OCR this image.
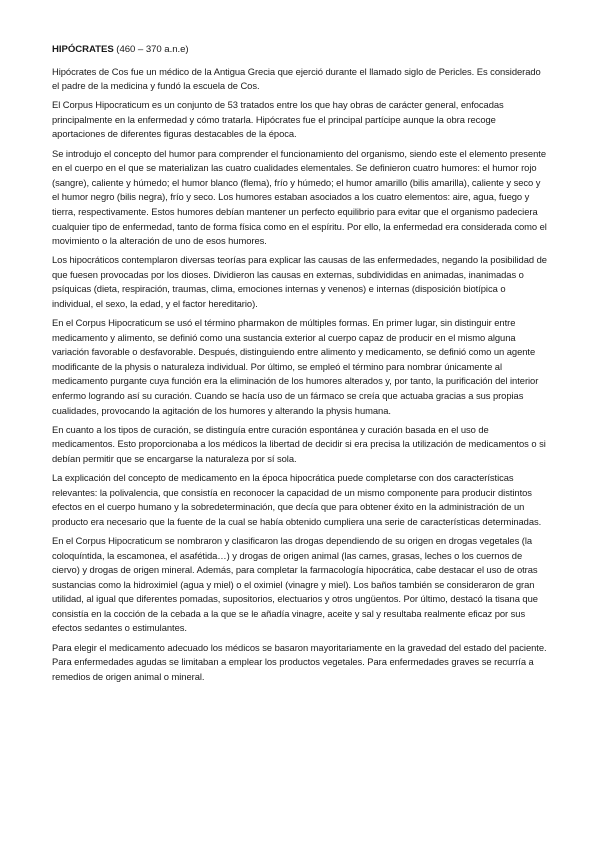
HIPÓCRATES (460 – 370 a.n.e)

Hipócrates de Cos fue un médico de la Antigua Grecia que ejerció durante el llamado siglo de Pericles. Es considerado el padre de la medicina y fundó la escuela de Cos.

El Corpus Hipocraticum es un conjunto de 53 tratados entre los que hay obras de carácter general, enfocadas principalmente en la enfermedad y cómo tratarla. Hipócrates fue el principal partícipe aunque la obra recoge aportaciones de diferentes figuras destacables de la época.

Se introdujo el concepto del humor para comprender el funcionamiento del organismo, siendo este el elemento presente en el cuerpo en el que se materializan las cuatro cualidades elementales. Se definieron cuatro humores: el humor rojo (sangre), caliente y húmedo; el humor blanco (flema), frío y húmedo; el humor amarillo (bilis amarilla), caliente y seco y el humor negro (bilis negra), frío y seco. Los humores estaban asociados a los cuatro elementos: aire, agua, fuego y tierra, respectivamente. Estos humores debían mantener un perfecto equilibrio para evitar que el organismo padeciera cualquier tipo de enfermedad, tanto de forma física como en el espíritu. Por ello, la enfermedad era considerada como el movimiento o la alteración de uno de esos humores.

Los hipocráticos contemplaron diversas teorías para explicar las causas de las enfermedades, negando la posibilidad de que fuesen provocadas por los dioses. Dividieron las causas en externas, subdivididas en animadas, inanimadas o psíquicas (dieta, respiración, traumas, clima, emociones internas y venenos) e internas (disposición biotípica o individual, el sexo, la edad, y el factor hereditario).

En el Corpus Hipocraticum se usó el término pharmakon de múltiples formas. En primer lugar, sin distinguir entre medicamento y alimento, se definió como una sustancia exterior al cuerpo capaz de producir en el mismo alguna variación favorable o desfavorable. Después, distinguiendo entre alimento y medicamento, se definió como un agente modificante de la physis o naturaleza individual. Por último, se empleó el término para nombrar únicamente al medicamento purgante cuya función era la eliminación de los humores alterados y, por tanto, la purificación del interior enfermo logrando así su curación. Cuando se hacía uso de un fármaco se creía que actuaba gracias a sus propias cualidades, provocando la agitación de los humores y alterando la physis humana.

En cuanto a los tipos de curación, se distinguía entre curación espontánea y curación basada en el uso de medicamentos. Esto proporcionaba a los médicos la libertad de decidir si era precisa la utilización de medicamentos o si debían permitir que se encargarse la naturaleza por sí sola.

La explicación del concepto de medicamento en la época hipocrática puede completarse con dos características relevantes: la polivalencia, que consistía en reconocer la capacidad de un mismo componente para producir distintos efectos en el cuerpo humano y la sobredeterminación, que decía que para obtener éxito en la administración de un producto era necesario que la fuente de la cual se había obtenido cumpliera una serie de características determinadas.

En el Corpus Hipocraticum se nombraron y clasificaron las drogas dependiendo de su origen en drogas vegetales (la coloquíntida, la escamonea, el asafétida…) y drogas de origen animal (las carnes, grasas, leches o los cuernos de ciervo) y drogas de origen mineral. Además, para completar la farmacología hipocrática, cabe destacar el uso de otras sustancias como la hidroximiel (agua y miel) o el oximiel (vinagre y miel). Los baños también se consideraron de gran utilidad, al igual que diferentes pomadas, supositorios, electuarios y otros ungüentos. Por último, destacó la tisana que consistía en la cocción de la cebada a la que se le añadía vinagre, aceite y sal y resultaba realmente eficaz por sus efectos sedantes o estimulantes.

Para elegir el medicamento adecuado los médicos se basaron mayoritariamente en la gravedad del estado del paciente. Para enfermedades agudas se limitaban a emplear los productos vegetales. Para enfermedades graves se recurría a remedios de origen animal o mineral.
